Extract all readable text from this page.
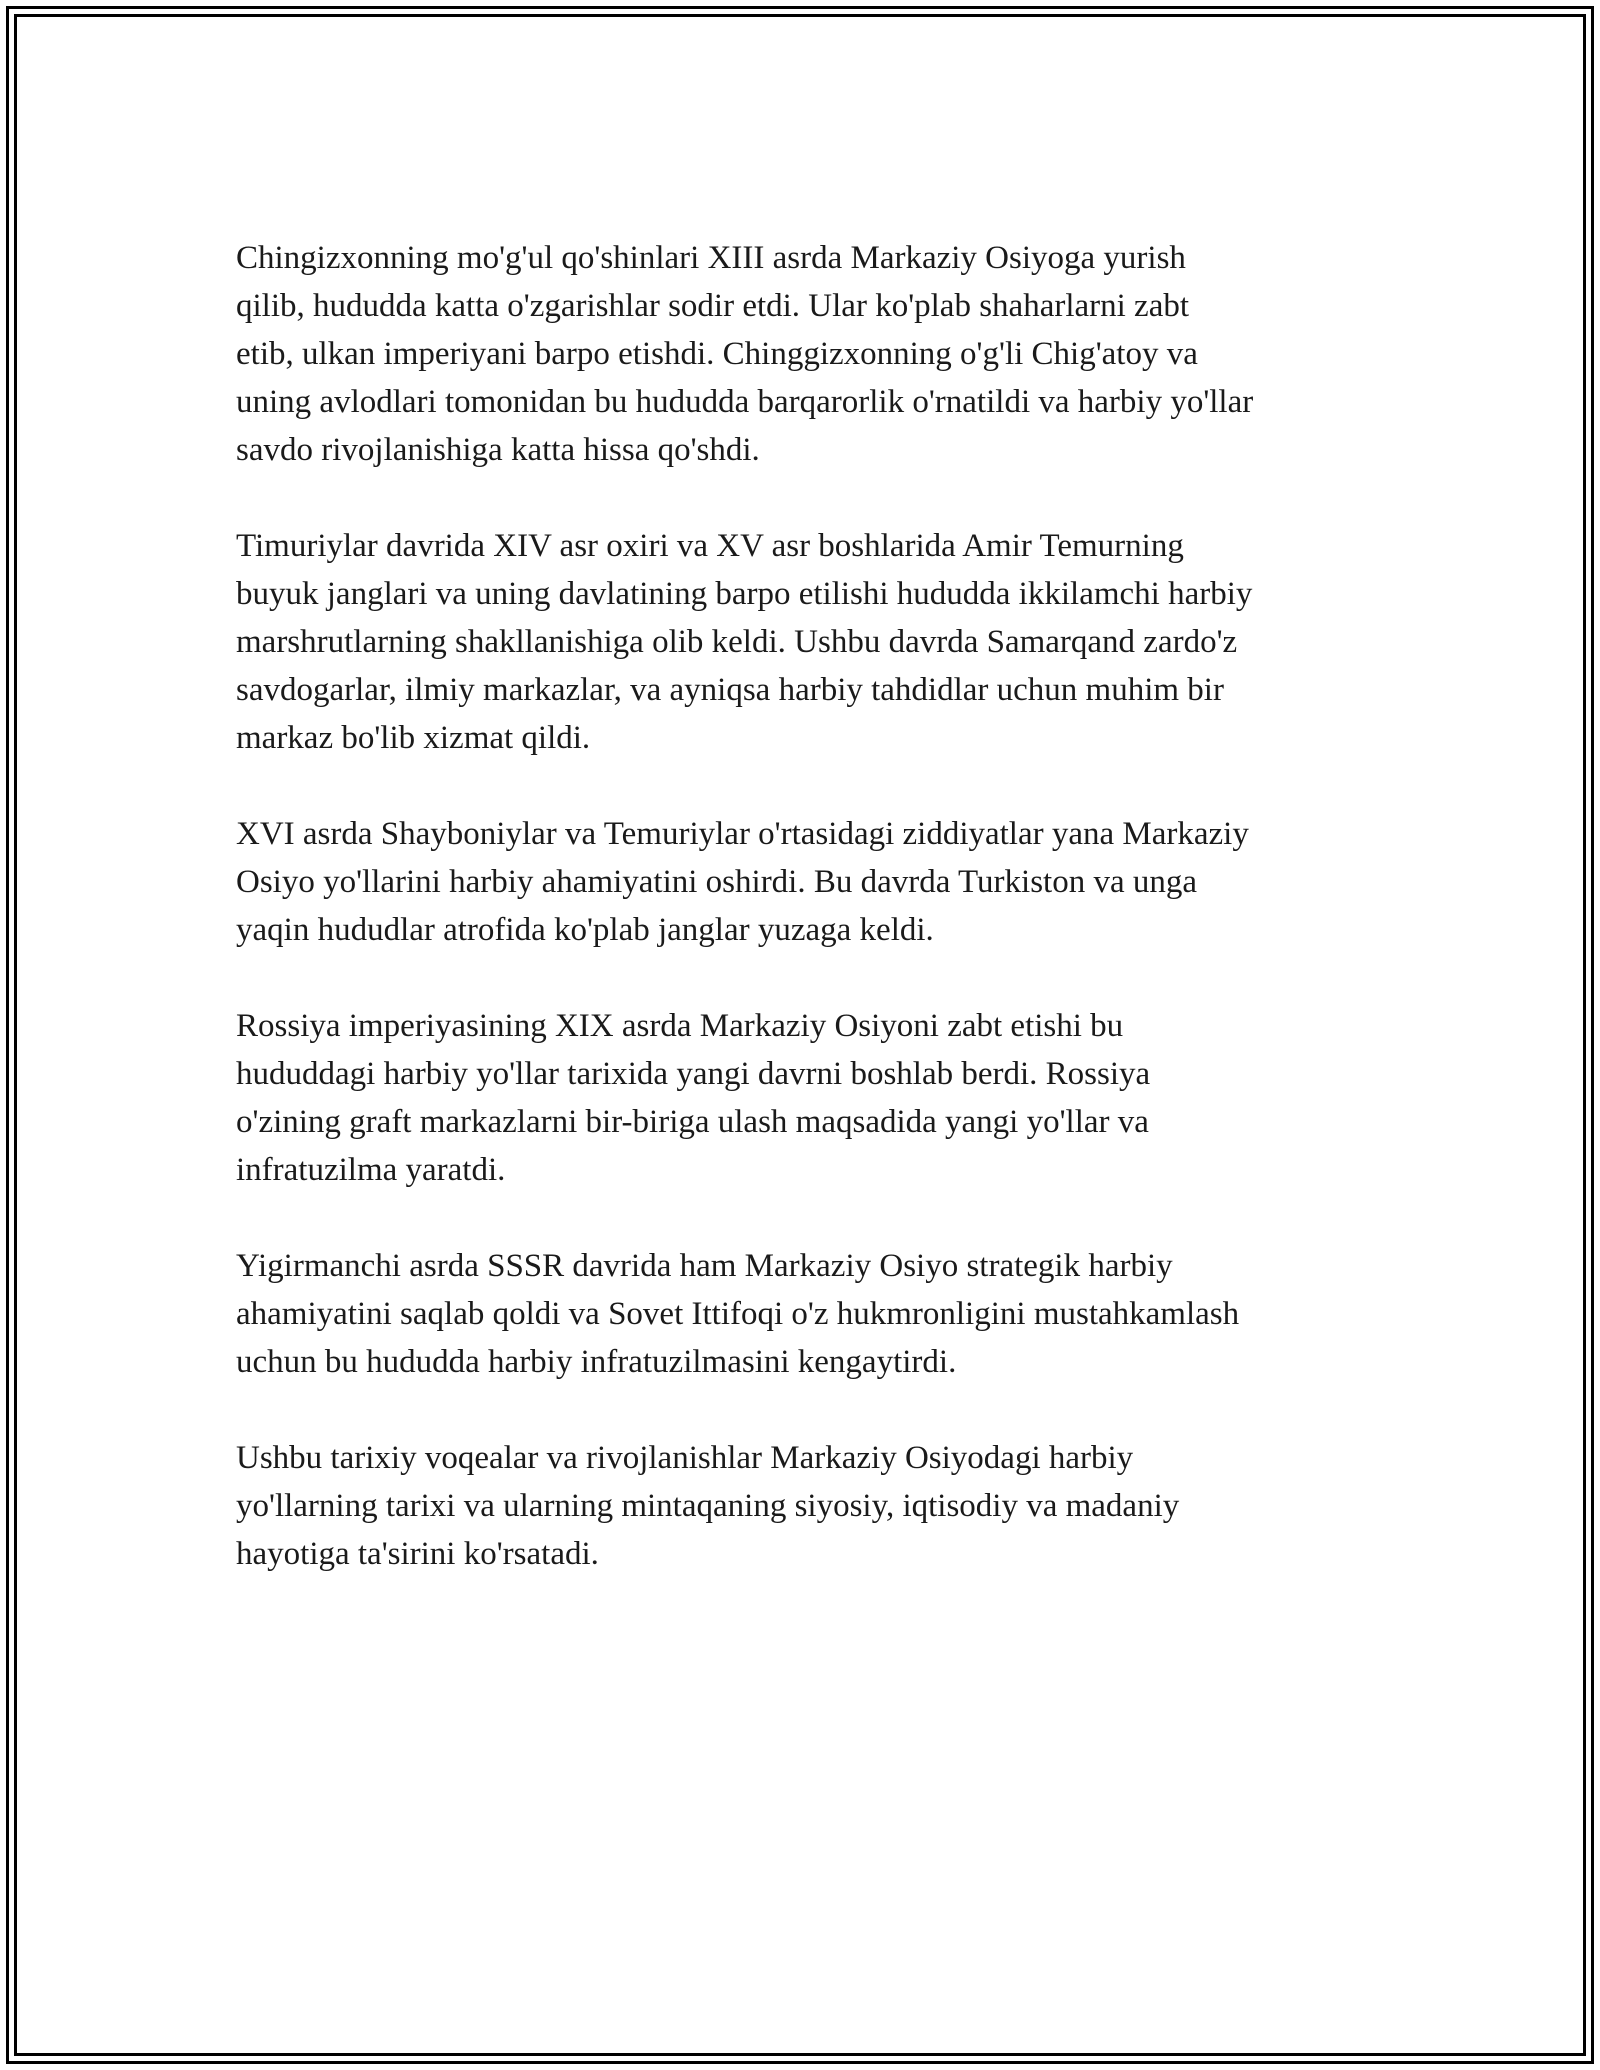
Chingizxonning mo'g'ul qo'shinlari XIII asrda Markaziy Osiyoga yurish
qilib, hududda katta o'zgarishlar sodir etdi. Ular ko'plab shaharlarni zabt
etib, ulkan imperiyani barpo etishdi. Chinggizxonning o'g'li Chig'atoy va
uning avlodlari tomonidan bu hududda barqarorlik o'rnatildi va harbiy yo'llar
savdo rivojlanishiga katta hissa qo'shdi.

Timuriylar davrida XIV asr oxiri va XV asr boshlarida Amir Temurning
buyuk janglari va uning davlatining barpo etilishi hududda ikkilamchi harbiy
marshrutlarning shakllanishiga olib keldi. Ushbu davrda Samarqand zardo'z
savdogarlar, ilmiy markazlar, va ayniqsa harbiy tahdidlar uchun muhim bir
markaz bo'lib xizmat qildi.

XVI asrda Shayboniylar va Temuriylar o'rtasidagi ziddiyatlar yana Markaziy
Osiyo yo'llarini harbiy ahamiyatini oshirdi. Bu davrda Turkiston va unga
yaqin hududlar atrofida ko'plab janglar yuzaga keldi.

Rossiya imperiyasining XIX asrda Markaziy Osiyoni zabt etishi bu
hududdagi harbiy yo'llar tarixida yangi davrni boshlab berdi. Rossiya
o'zining graft markazlarni bir-biriga ulash maqsadida yangi yo'llar va
infratuzilma yaratdi.

Yigirmanchi asrda SSSR davrida ham Markaziy Osiyo strategik harbiy
ahamiyatini saqlab qoldi va Sovet Ittifoqi o'z hukmronligini mustahkamlash
uchun bu hududda harbiy infratuzilmasini kengaytirdi.

Ushbu tarixiy voqealar va rivojlanishlar Markaziy Osiyodagi harbiy
yo'llarning tarixi va ularning mintaqaning siyosiy, iqtisodiy va madaniy
hayotiga ta'sirini ko'rsatadi.
